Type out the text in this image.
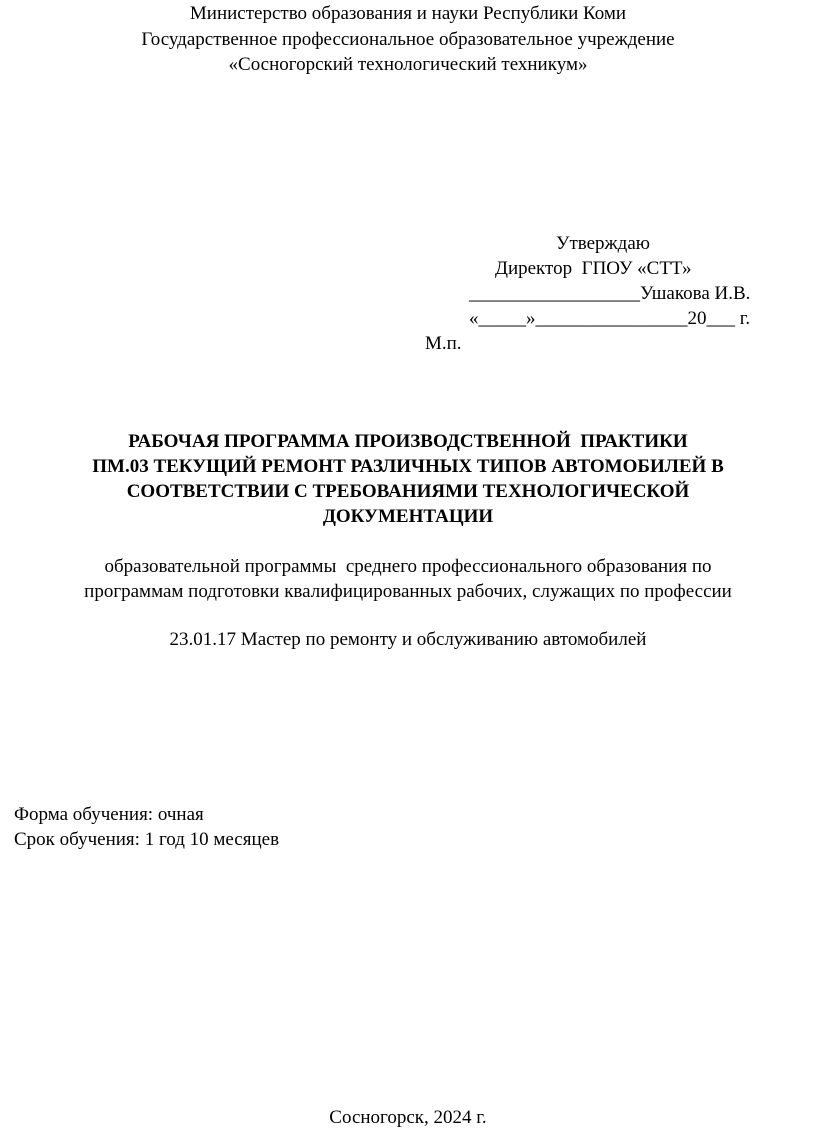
Министерство образования и науки Республики Коми
Государственное профессиональное образовательное учреждение
«Сосногорский технологический техникум»
Утверждаю
Директор  ГПОУ «СТТ»
__________________Ушакова И.В.
«_____»________________20___ г.
М.п.
РАБОЧАЯ ПРОГРАММА ПРОИЗВОДСТВЕННОЙ  ПРАКТИКИ
ПМ.03 ТЕКУЩИЙ РЕМОНТ РАЗЛИЧНЫХ ТИПОВ АВТОМОБИЛЕЙ В
СООТВЕТСТВИИ С ТРЕБОВАНИЯМИ ТЕХНОЛОГИЧЕСКОЙ
ДОКУМЕНТАЦИИ
образовательной программы  среднего профессионального образования по
программам подготовки квалифицированных рабочих, служащих по профессии
23.01.17 Мастер по ремонту и обслуживанию автомобилей
Форма обучения: очная
Срок обучения: 1 год 10 месяцев
Сосногорск, 2024 г.
